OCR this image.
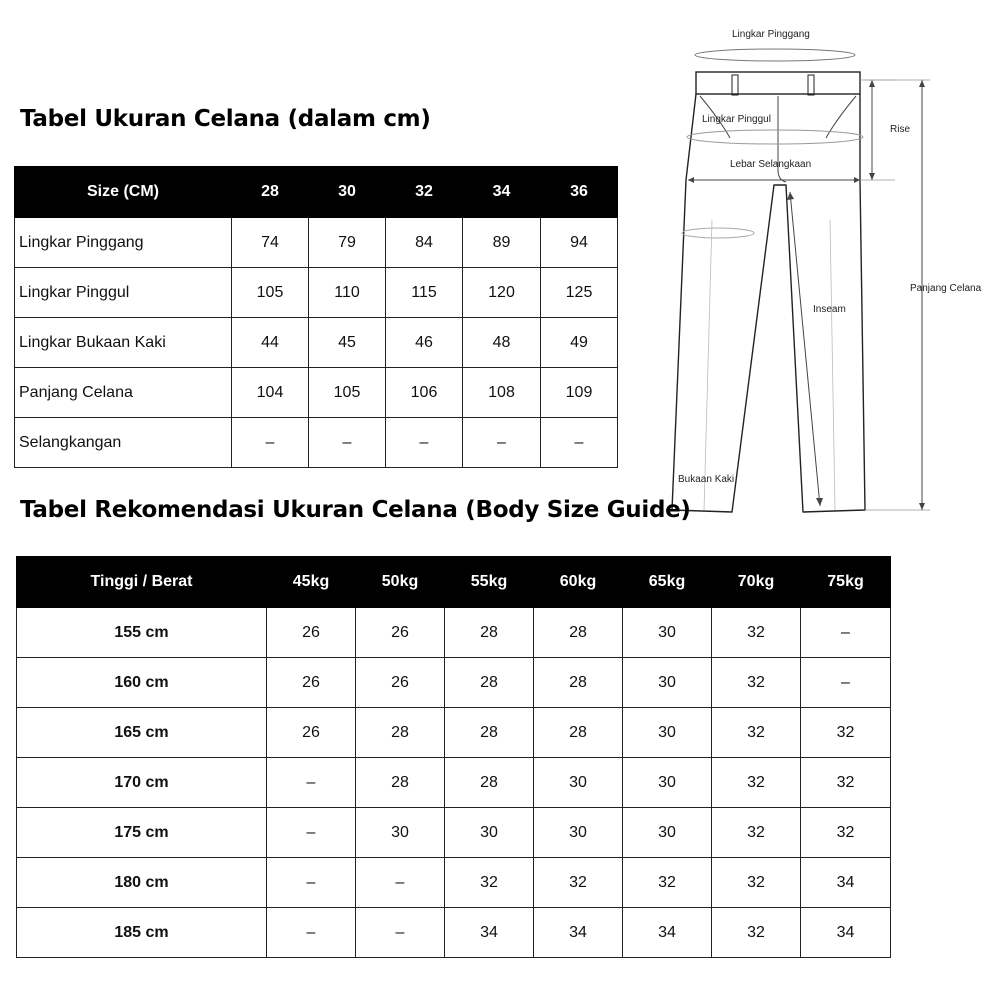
Tabel Ukuran Celana (dalam cm)
Size (CM)	28	30	32	34	36
Lingkar Pinggang	74	79	84	89	94
Lingkar Pinggul	105	110	115	120	125
Lingkar Bukaan Kaki	44	45	46	48	49
Panjang Celana	104	105	106	108	109
Selangkangan	–	–	–	–	–
Lingkar Pinggang
Lingkar Pinggul
Lebar Selangkaan
Inseam
Rise
Panjang Celana
Bukaan Kaki
Tabel Rekomendasi Ukuran Celana (Body Size Guide)
Tinggi / Berat	45kg	50kg	55kg	60kg	65kg	70kg	75kg
155 cm	26	26	28	28	30	32	–
160 cm	26	26	28	28	30	32	–
165 cm	26	28	28	28	30	32	32
170 cm	–	28	28	30	30	32	32
175 cm	–	30	30	30	30	32	32
180 cm	–	–	32	32	32	32	34
185 cm	–	–	34	34	34	32	34
